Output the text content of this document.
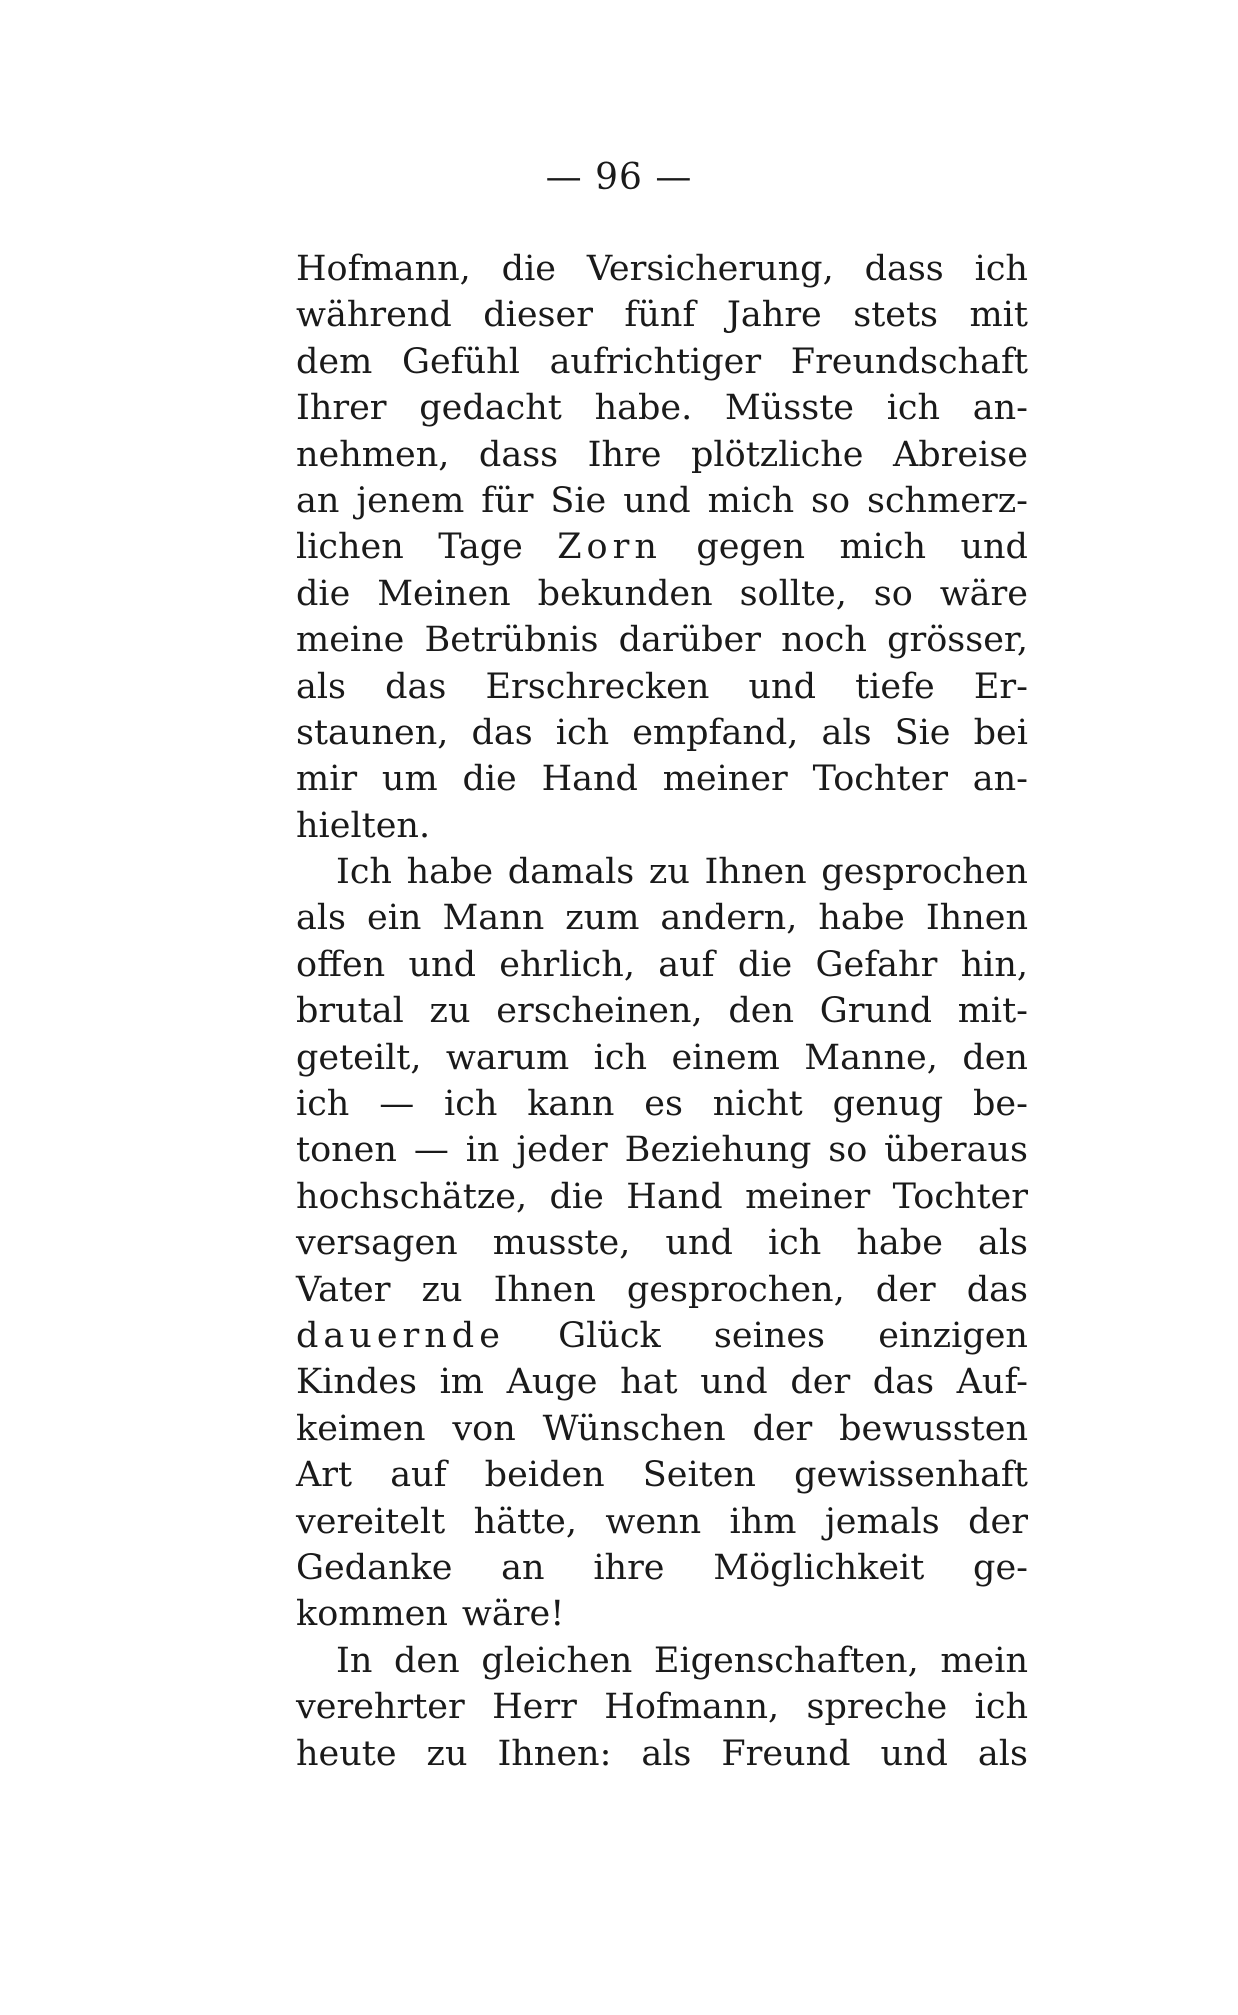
— 96 —
Hofmann, die Versicherung, dass ich
während dieser fünf Jahre stets mit
dem Gefühl aufrichtiger Freundschaft
Ihrer gedacht habe. Müsste ich an-
nehmen, dass Ihre plötzliche Abreise
an jenem für Sie und mich so schmerz-
lichen Tage Zorn gegen mich und
die Meinen bekunden sollte, so wäre
meine Betrübnis darüber noch grösser,
als das Erschrecken und tiefe Er-
staunen, das ich empfand, als Sie bei
mir um die Hand meiner Tochter an-
hielten.
Ich habe damals zu Ihnen gesprochen
als ein Mann zum andern, habe Ihnen
offen und ehrlich, auf die Gefahr hin,
brutal zu erscheinen, den Grund mit-
geteilt, warum ich einem Manne, den
ich — ich kann es nicht genug be-
tonen — in jeder Beziehung so überaus
hochschätze, die Hand meiner Tochter
versagen musste, und ich habe als
Vater zu Ihnen gesprochen, der das
dauernde Glück seines einzigen
Kindes im Auge hat und der das Auf-
keimen von Wünschen der bewussten
Art auf beiden Seiten gewissenhaft
vereitelt hätte, wenn ihm jemals der
Gedanke an ihre Möglichkeit ge-
kommen wäre!
In den gleichen Eigenschaften, mein
verehrter Herr Hofmann, spreche ich
heute zu Ihnen: als Freund und als
